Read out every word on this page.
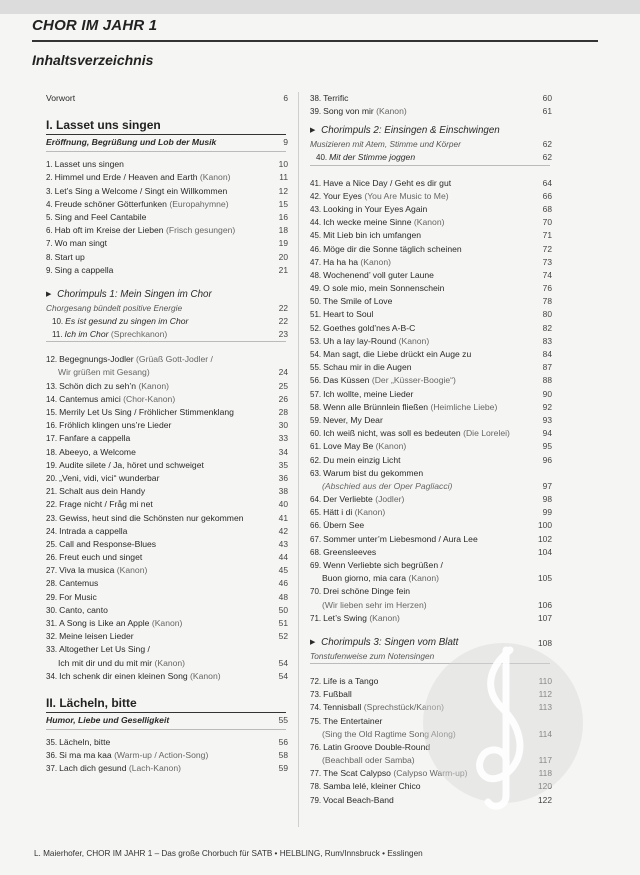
CHOR IM JAHR 1
Inhaltsverzeichnis
Vorwort	6
I. Lasset uns singen
Eröffnung, Begrüßung und Lob der Musik	9
1.Lasset uns singen	10
2.Himmel und Erde / Heaven and Earth (Kanon)	11
3.Let’s Sing a Welcome / Singt ein Willkommen	12
4.Freude schöner Götterfunken (Europahymne)	15
5.Sing and Feel Cantabile	16
6.Hab oft im Kreise der Lieben (Frisch gesungen)	18
7.Wo man singt	19
8.Start up	20
9.Sing a cappella	21
▶ Chorimpuls 1: Mein Singen im Chor
Chorgesang bündelt positive Energie	22
10.Es ist gesund zu singen im Chor	22
11.Ich im Chor (Sprechkanon)	23
12.Begegnungs-Jodler (Grüaß Gott-Jodler /
Wir grüßen mit Gesang)	24
13.Schön dich zu seh’n (Kanon)	25
14.Cantemus amici (Chor-Kanon)	26
15.Merrily Let Us Sing / Fröhlicher Stimmenklang	28
16.Fröhlich klingen uns’re Lieder	30
17.Fanfare a cappella	33
18.Abeeyo, a Welcome	34
19.Audite silete / Ja, höret und schweiget	35
20.„Veni, vidi, vici“ wunderbar	36
21.Schalt aus dein Handy	38
22.Frage nicht / Fråg mi net	40
23.Gewiss, heut sind die Schönsten nur gekommen	41
24.Intrada a cappella	42
25.Call and Response-Blues	43
26.Freut euch und singet	44
27.Viva la musica (Kanon)	45
28.Cantemus	46
29.For Music	48
30.Canto, canto	50
31.A Song is Like an Apple (Kanon)	51
32.Meine leisen Lieder	52
33.Altogether Let Us Sing /
Ich mit dir und du mit mir (Kanon)	54
34.Ich schenk dir einen kleinen Song (Kanon)	54
II. Lächeln, bitte
Humor, Liebe und Geselligkeit	55
35.Lächeln, bitte	56
36.Si ma ma kaa (Warm-up / Action-Song)	58
37.Lach dich gesund (Lach-Kanon)	59
38.Terrific	60
39.Song von mir (Kanon)	61
▶ Chorimpuls 2: Einsingen & Einschwingen
Musizieren mit Atem, Stimme und Körper	62
40.Mit der Stimme joggen	62
41.Have a Nice Day / Geht es dir gut	64
42.Your Eyes (You Are Music to Me)	66
43.Looking in Your Eyes Again	68
44.Ich wecke meine Sinne (Kanon)	70
45.Mit Lieb bin ich umfangen	71
46.Möge dir die Sonne täglich scheinen	72
47.Ha ha ha (Kanon)	73
48.Wochenend’ voll guter Laune	74
49.O sole mio, mein Sonnenschein	76
50.The Smile of Love	78
51.Heart to Soul	80
52.Goethes gold’nes A-B-C	82
53.Uh a lay lay-Round (Kanon)	83
54.Man sagt, die Liebe drückt ein Auge zu	84
55.Schau mir in die Augen	87
56.Das Küssen (Der „Küsser-Boogie“)	88
57.Ich wollte, meine Lieder	90
58.Wenn alle Brünnlein fließen (Heimliche Liebe)	92
59.Never, My Dear	93
60.Ich weiß nicht, was soll es bedeuten (Die Lorelei)	94
61.Love May Be (Kanon)	95
62.Du mein einzig Licht	96
63.Warum bist du gekommen
(Abschied aus der Oper Pagliacci)	97
64.Der Verliebte (Jodler)	98
65.Hätt i di (Kanon)	99
66.Übern See	100
67.Sommer unter’m Liebesmond / Aura Lee	102
68.Greensleeves	104
69.Wenn Verliebte sich begrüßen /
Buon giorno, mia cara (Kanon)	105
70.Drei schöne Dinge fein
(Wir lieben sehr im Herzen)	106
71.Let’s Swing (Kanon)	107
▶ Chorimpuls 3: Singen vom Blatt	108
Tonstufenweise zum Notensingen
72.Life is a Tango	110
73.Fußball	112
74.Tennisball (Sprechstück/Kanon)	113
75.The Entertainer
(Sing the Old Ragtime Song Along)	114
76.Latin Groove Double-Round
(Beachball oder Samba)	117
77.The Scat Calypso (Calypso Warm-up)	118
78.Samba lelé, kleiner Chico	120
79.Vocal Beach-Band	122
L. Maierhofer, CHOR IM JAHR 1 – Das große Chorbuch für SATB • HELBLING, Rum/Innsbruck • Esslingen
